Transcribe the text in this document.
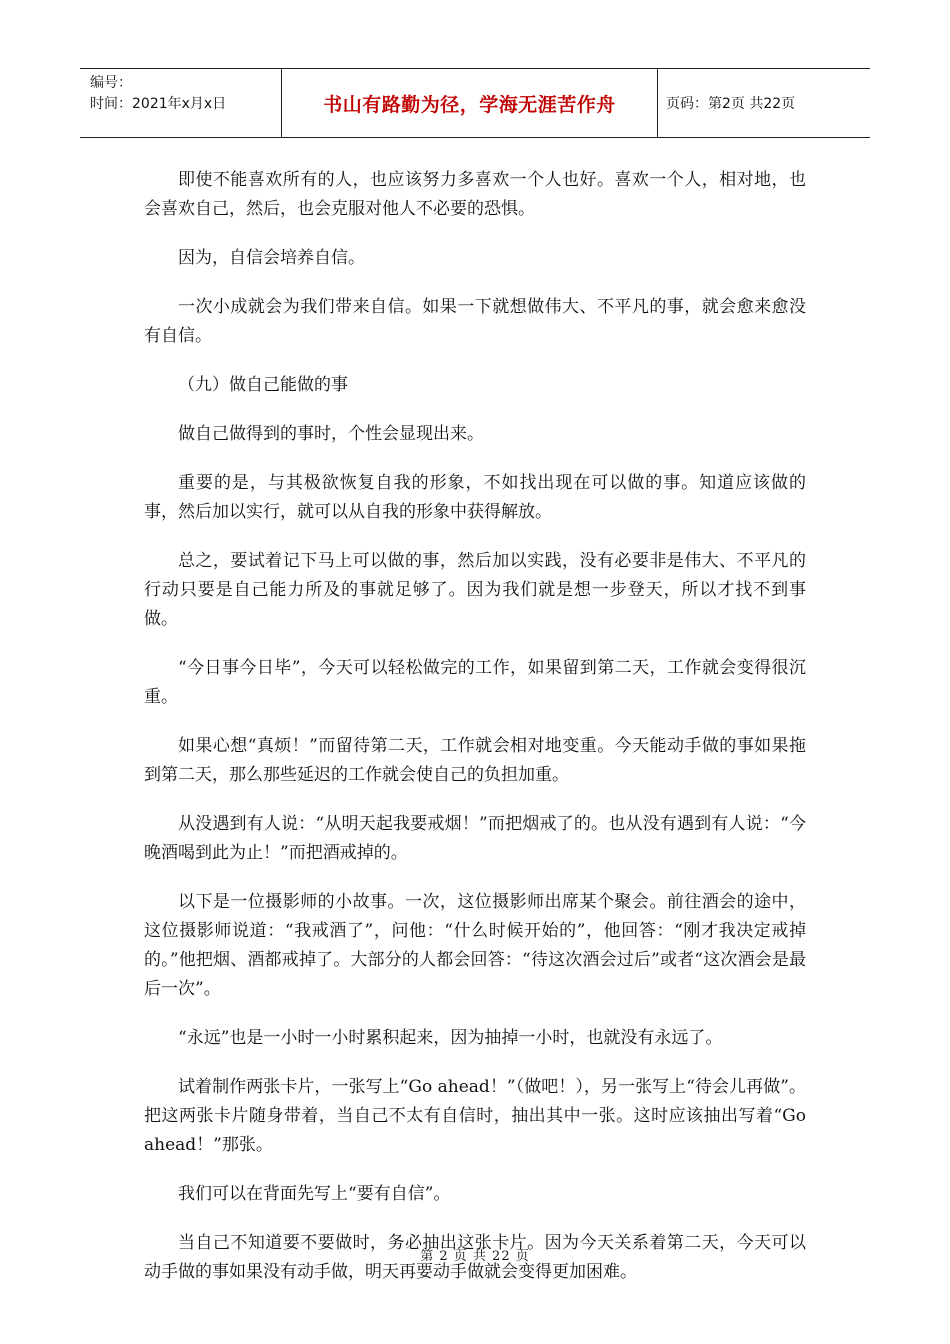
编号：
时间：2021年x月x日	书山有路勤为径，学海无涯苦作舟	页码：第2页 共22页

即使不能喜欢所有的人，也应该努力多喜欢一个人也好。喜欢一个人，相对地，也会喜欢自己，然后，也会克服对他人不必要的恐惧。

因为，自信会培养自信。

一次小成就会为我们带来自信。如果一下就想做伟大、不平凡的事，就会愈来愈没有自信。

（九）做自己能做的事

做自己做得到的事时，个性会显现出来。

重要的是，与其极欲恢复自我的形象，不如找出现在可以做的事。知道应该做的事，然后加以实行，就可以从自我的形象中获得解放。

总之，要试着记下马上可以做的事，然后加以实践，没有必要非是伟大、不平凡的行动只要是自己能力所及的事就足够了。因为我们就是想一步登天，所以才找不到事做。

“今日事今日毕”，今天可以轻松做完的工作，如果留到第二天，工作就会变得很沉重。

如果心想“真烦！”而留待第二天，工作就会相对地变重。今天能动手做的事如果拖到第二天，那么那些延迟的工作就会使自己的负担加重。

从没遇到有人说：“从明天起我要戒烟！”而把烟戒了的。也从没有遇到有人说：“今晚酒喝到此为止！”而把酒戒掉的。

以下是一位摄影师的小故事。一次，这位摄影师出席某个聚会。前往酒会的途中，这位摄影师说道：“我戒酒了”，问他：“什么时候开始的”，他回答：“刚才我决定戒掉的。”他把烟、酒都戒掉了。大部分的人都会回答：“待这次酒会过后”或者“这次酒会是最后一次”。

“永远”也是一小时一小时累积起来，因为抽掉一小时，也就没有永远了。

试着制作两张卡片，一张写上“Go ahead！”（做吧！），另一张写上“待会儿再做”。把这两张卡片随身带着，当自己不太有自信时，抽出其中一张。这时应该抽出写着“Go ahead！”那张。

我们可以在背面先写上“要有自信”。

当自己不知道要不要做时，务必抽出这张卡片。因为今天关系着第二天，今天可以动手做的事如果没有动手做，明天再要动手做就会变得更加困难。

第 2 页 共 22 页
